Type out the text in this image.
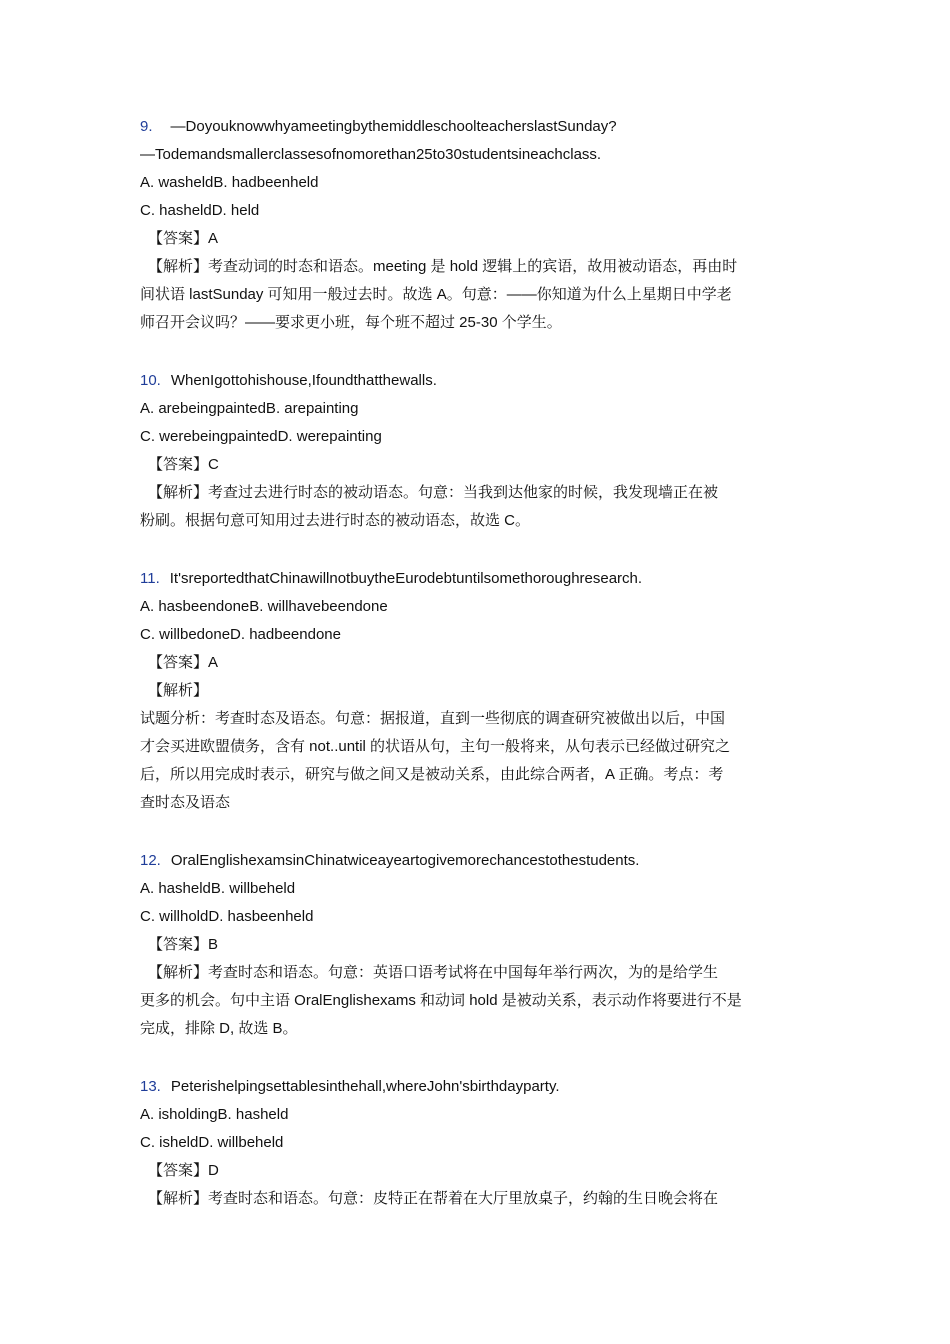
9. —DoyouknowwhyameetingbythemiddleschoolteacherslastSunday?
—Todemandsmallerclassesofnomorethan25to30studentsineachclass.
A. washeldB. hadbeenheld
C. hasheldD. held
【答案】A
【解析】考查动词的时态和语态。meeting 是 hold 逻辑上的宾语，故用被动语态，再由时
间状语 lastSunday 可知用一般过去时。故选 A。句意：——你知道为什么上星期日中学老
师召开会议吗？——要求更小班，每个班不超过 25-30 个学生。
10. WhenIgottohishouse,Ifoundthatthewalls.
A. arebeingpaintedB. arepainting
C. werebeingpaintedD. werepainting
【答案】C
【解析】考查过去进行时态的被动语态。句意：当我到达他家的时候，我发现墙正在被
粉刷。根据句意可知用过去进行时态的被动语态，故选 C。
11. It'sreportedthatChinawillnotbuytheEurodebtuntilsomethoroughresearch.
A. hasbeendoneB. willhavebeendone
C. willbedoneD. hadbeendone
【答案】A
【解析】
试题分析：考查时态及语态。句意：据报道，直到一些彻底的调查研究被做出以后，中国
才会买进欧盟债务，含有 not..until 的状语从句，主句一般将来，从句表示已经做过研究之
后，所以用完成时表示，研究与做之间又是被动关系，由此综合两者，A 正确。考点：考
查时态及语态
12. OralEnglishexamsinChinatwiceayeartogivemorechancestothestudents.
A. hasheldB. willbeheld
C. willholdD. hasbeenheld
【答案】B
【解析】考查时态和语态。句意：英语口语考试将在中国每年举行两次，为的是给学生
更多的机会。句中主语 OralEnglishexams 和动词 hold 是被动关系，表示动作将要进行不是
完成，排除 D, 故选 B。
13. Peterishelpingsettablesinthehall,whereJohn'sbirthdayparty.
A. isholdingB. hasheld
C. isheldD. willbeheld
【答案】D
【解析】考查时态和语态。句意：皮特正在帮着在大厅里放桌子，约翰的生日晚会将在
